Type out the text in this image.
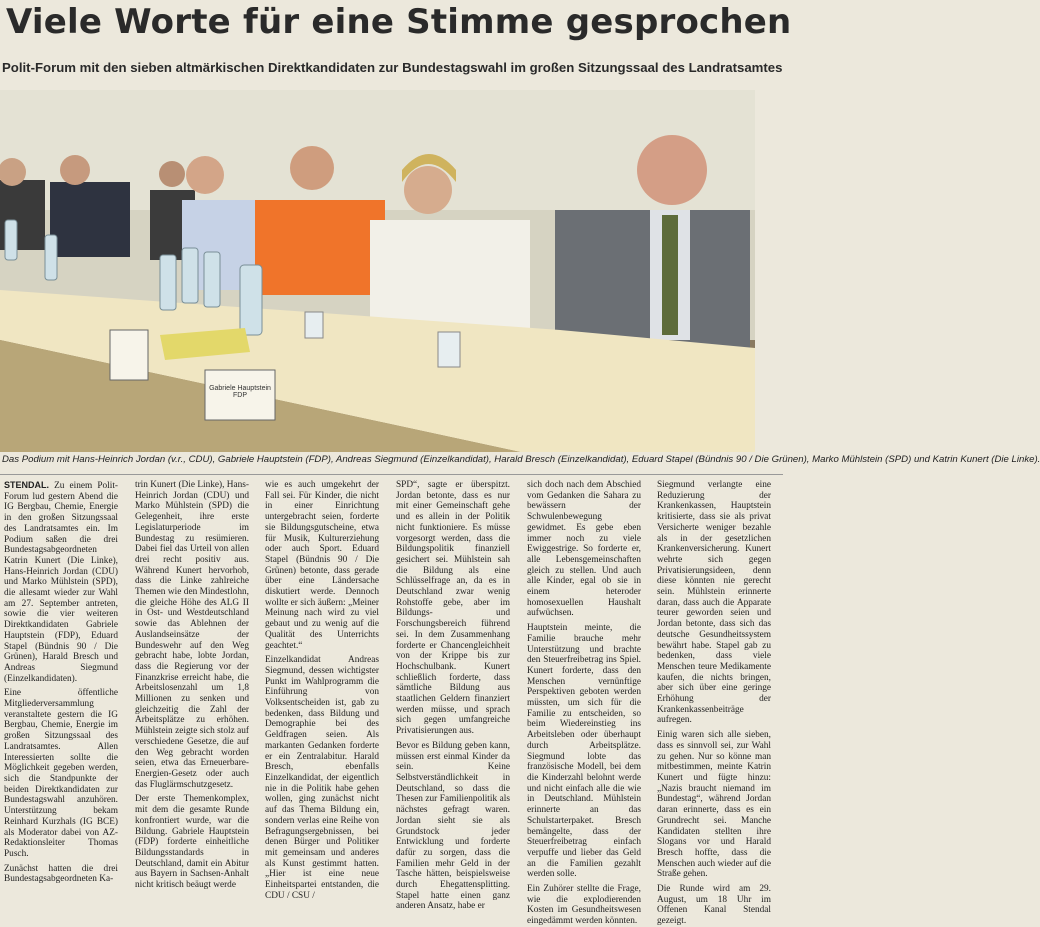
Viele Worte für eine Stimme gesprochen
Polit-Forum mit den sieben altmärkischen Direktkandidaten zur Bundestagswahl im großen Sitzungssaal des Landratsamtes
Gabriele Hauptstein
FDP
Das Podium mit Hans-Heinrich Jordan (v.r., CDU), Gabriele Hauptstein (FDP), Andreas Siegmund (Einzelkandidat), Harald Bresch (Einzelkandidat), Eduard Stapel (Bündnis 90 / Die Grünen), Marko Mühlstein (SPD) und Katrin Kunert (Die Linke).

STENDAL. Zu einem Polit-Forum lud gestern Abend die IG Bergbau, Chemie, Energie in den großen Sitzungssaal des Landratsamtes ein. Im Podium saßen die drei Bundestagsabgeordneten Katrin Kunert (Die Linke), Hans-Heinrich Jordan (CDU) und Marko Mühlstein (SPD), die allesamt wieder zur Wahl am 27. September antreten, sowie die vier weiteren Direktkandidaten Gabriele Hauptstein (FDP), Eduard Stapel (Bündnis 90 / Die Grünen), Harald Bresch und Andreas Siegmund (Einzelkandidaten).

Eine öffentliche Mitgliederversammlung veranstaltete gestern die IG Bergbau, Chemie, Energie im großen Sitzungssaal des Landratsamtes. Allen Interessierten sollte die Möglichkeit gegeben werden, sich die Standpunkte der beiden Direktkandidaten zur Bundestagswahl anzuhören. Unterstützung bekam Reinhard Kurzhals (IG BCE) als Moderator dabei von AZ-Redaktionsleiter Thomas Pusch.

Zunächst hatten die drei Bundestagsabgeordneten Ka-

trin Kunert (Die Linke), Hans-Heinrich Jordan (CDU) und Marko Mühlstein (SPD) die Gelegenheit, ihre erste Legislaturperiode im Bundestag zu resümieren. Dabei fiel das Urteil von allen drei recht positiv aus. Während Kunert hervorhob, dass die Linke zahlreiche Themen wie den Mindestlohn, die gleiche Höhe des ALG II in Ost- und Westdeutschland sowie das Ablehnen der Auslandseinsätze der Bundeswehr auf den Weg gebracht habe, lobte Jordan, dass die Regierung vor der Finanzkrise erreicht habe, die Arbeitslosenzahl um 1,8 Millionen zu senken und gleichzeitig die Zahl der Arbeitsplätze zu erhöhen. Mühlstein zeigte sich stolz auf verschiedene Gesetze, die auf den Weg gebracht worden seien, etwa das Erneuerbare-Energien-Gesetz oder auch das Fluglärmschutzgesetz.

Der erste Themenkomplex, mit dem die gesamte Runde konfrontiert wurde, war die Bildung. Gabriele Hauptstein (FDP) forderte einheitliche Bildungsstandards in Deutschland, damit ein Abitur aus Bayern in Sachsen-Anhalt nicht kritisch beäugt werde

wie es auch umgekehrt der Fall sei. Für Kinder, die nicht in einer Einrichtung untergebracht seien, forderte sie Bildungsgutscheine, etwa für Musik, Kulturerziehung oder auch Sport. Eduard Stapel (Bündnis 90 / Die Grünen) betonte, dass gerade über eine Ländersache diskutiert werde. Dennoch wollte er sich äußern: „Meiner Meinung nach wird zu viel gebaut und zu wenig auf die Qualität des Unterrichts geachtet.“

Einzelkandidat Andreas Siegmund, dessen wichtigster Punkt im Wahlprogramm die Einführung von Volksentscheiden ist, gab zu bedenken, dass Bildung und Demographie bei des Geldfragen seien. Als markanten Gedanken forderte er ein Zentralabitur. Harald Bresch, ebenfalls Einzelkandidat, der eigentlich nie in die Politik habe gehen wollen, ging zunächst nicht auf das Thema Bildung ein, sondern verlas eine Reihe von Befragungsergebnissen, bei denen Bürger und Politiker mit gemeinsam und anderes als Kunst gestimmt hatten. „Hier ist eine neue Einheitspartei entstanden, die CDU / CSU /

SPD“, sagte er überspitzt. Jordan betonte, dass es nur mit einer Gemeinschaft gehe und es allein in der Politik nicht funktioniere. Es müsse vorgesorgt werden, dass die Bildungspolitik finanziell gesichert sei. Mühlstein sah die Bildung als eine Schlüsselfrage an, da es in Deutschland zwar wenig Rohstoffe gebe, aber im Bildungs- und Forschungsbereich führend sei. In dem Zusammenhang forderte er Chancengleichheit von der Krippe bis zur Hochschulbank. Kunert schließlich forderte, dass sämtliche Bildung aus staatlichen Geldern finanziert werden müsse, und sprach sich gegen umfangreiche Privatisierungen aus.

Bevor es Bildung geben kann, müssen erst einmal Kinder da sein. Keine Selbstverständlichkeit in Deutschland, so dass die Thesen zur Familienpolitik als nächstes gefragt waren. Jordan sieht sie als Grundstock jeder Entwicklung und forderte dafür zu sorgen, dass die Familien mehr Geld in der Tasche hätten, beispielsweise durch Ehegattensplitting. Stapel hatte einen ganz anderen Ansatz, habe er

sich doch nach dem Abschied vom Gedanken die Sahara zu bewässern der Schwulenbewegung gewidmet. Es gebe eben immer noch zu viele Ewiggestrige. So forderte er, alle Lebensgemeinschaften gleich zu stellen. Und auch alle Kinder, egal ob sie in einem heteroder homosexuellen Haushalt aufwüchsen.

Hauptstein meinte, die Familie brauche mehr Unterstützung und brachte den Steuerfreibetrag ins Spiel. Kunert forderte, dass den Menschen vernünftige Perspektiven geboten werden müssten, um sich für die Familie zu entscheiden, so beim Wiedereinstieg ins Arbeitsleben oder überhaupt durch Arbeitsplätze. Siegmund lobte das französische Modell, bei dem die Kinderzahl belohnt werde und nicht einfach alle die wie in Deutschland. Mühlstein erinnerte an das Schulstarterpaket. Bresch bemängelte, dass der Steuerfreibetrag einfach verpuffe und lieber das Geld an die Familien gezahlt werden solle.

Ein Zuhörer stellte die Frage, wie die explodierenden Kosten im Gesundheitswesen eingedämmt werden könnten.

Siegmund verlangte eine Reduzierung der Krankenkassen, Hauptstein kritisierte, dass sie als privat Versicherte weniger bezahle als in der gesetzlichen Krankenversicherung. Kunert wehrte sich gegen Privatisierungsideen, denn diese könnten nie gerecht sein. Mühlstein erinnerte daran, dass auch die Apparate teurer geworden seien und Jordan betonte, dass sich das deutsche Gesundheitssystem bewährt habe. Stapel gab zu bedenken, dass viele Menschen teure Medikamente kaufen, die nichts bringen, aber sich über eine geringe Erhöhung der Krankenkassenbeiträge aufregen.

Einig waren sich alle sieben, dass es sinnvoll sei, zur Wahl zu gehen. Nur so könne man mitbestimmen, meinte Katrin Kunert und fügte hinzu: „Nazis braucht niemand im Bundestag“, während Jordan daran erinnerte, dass es ein Grundrecht sei. Manche Kandidaten stellten ihre Slogans vor und Harald Bresch hoffte, dass die Menschen auch wieder auf die Straße gehen.

Die Runde wird am 29. August, um 18 Uhr im Offenen Kanal Stendal gezeigt.
